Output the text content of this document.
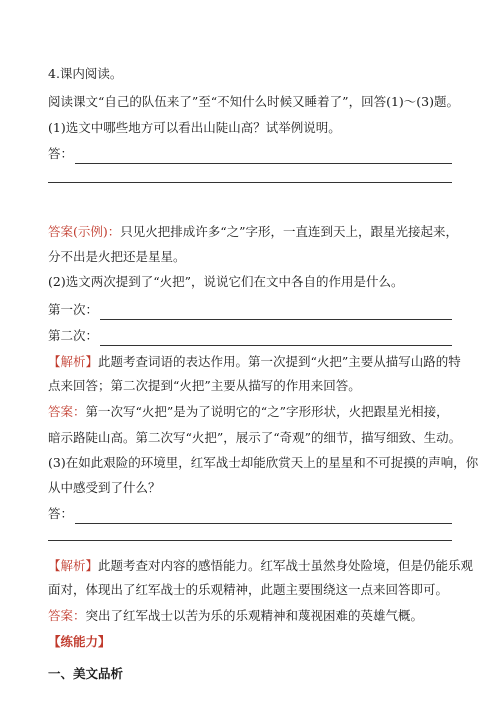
4.课内阅读。
阅读课文“自己的队伍来了”至“不知什么时候又睡着了”，回答(1)～(3)题。
(1)选文中哪些地方可以看出山陡山高？试举例说明。
答：
答案(示例)：只见火把排成许多“之”字形，一直连到天上，跟星光接起来，
分不出是火把还是星星。
(2)选文两次提到了“火把”，说说它们在文中各自的作用是什么。
第一次：
第二次：
【解析】此题考查词语的表达作用。第一次提到“火把”主要从描写山路的特
点来回答；第二次提到“火把”主要从描写的作用来回答。
答案：第一次写“火把”是为了说明它的“之”字形形状，火把跟星光相接，
暗示路陡山高。第二次写“火把”，展示了“奇观”的细节，描写细致、生动。
(3)在如此艰险的环境里，红军战士却能欣赏天上的星星和不可捉摸的声响，你
从中感受到了什么？
答：
【解析】此题考查对内容的感悟能力。红军战士虽然身处险境，但是仍能乐观
面对，体现出了红军战士的乐观精神，此题主要围绕这一点来回答即可。
答案：突出了红军战士以苦为乐的乐观精神和蔑视困难的英雄气概。
【练能力】
一、美文品析
